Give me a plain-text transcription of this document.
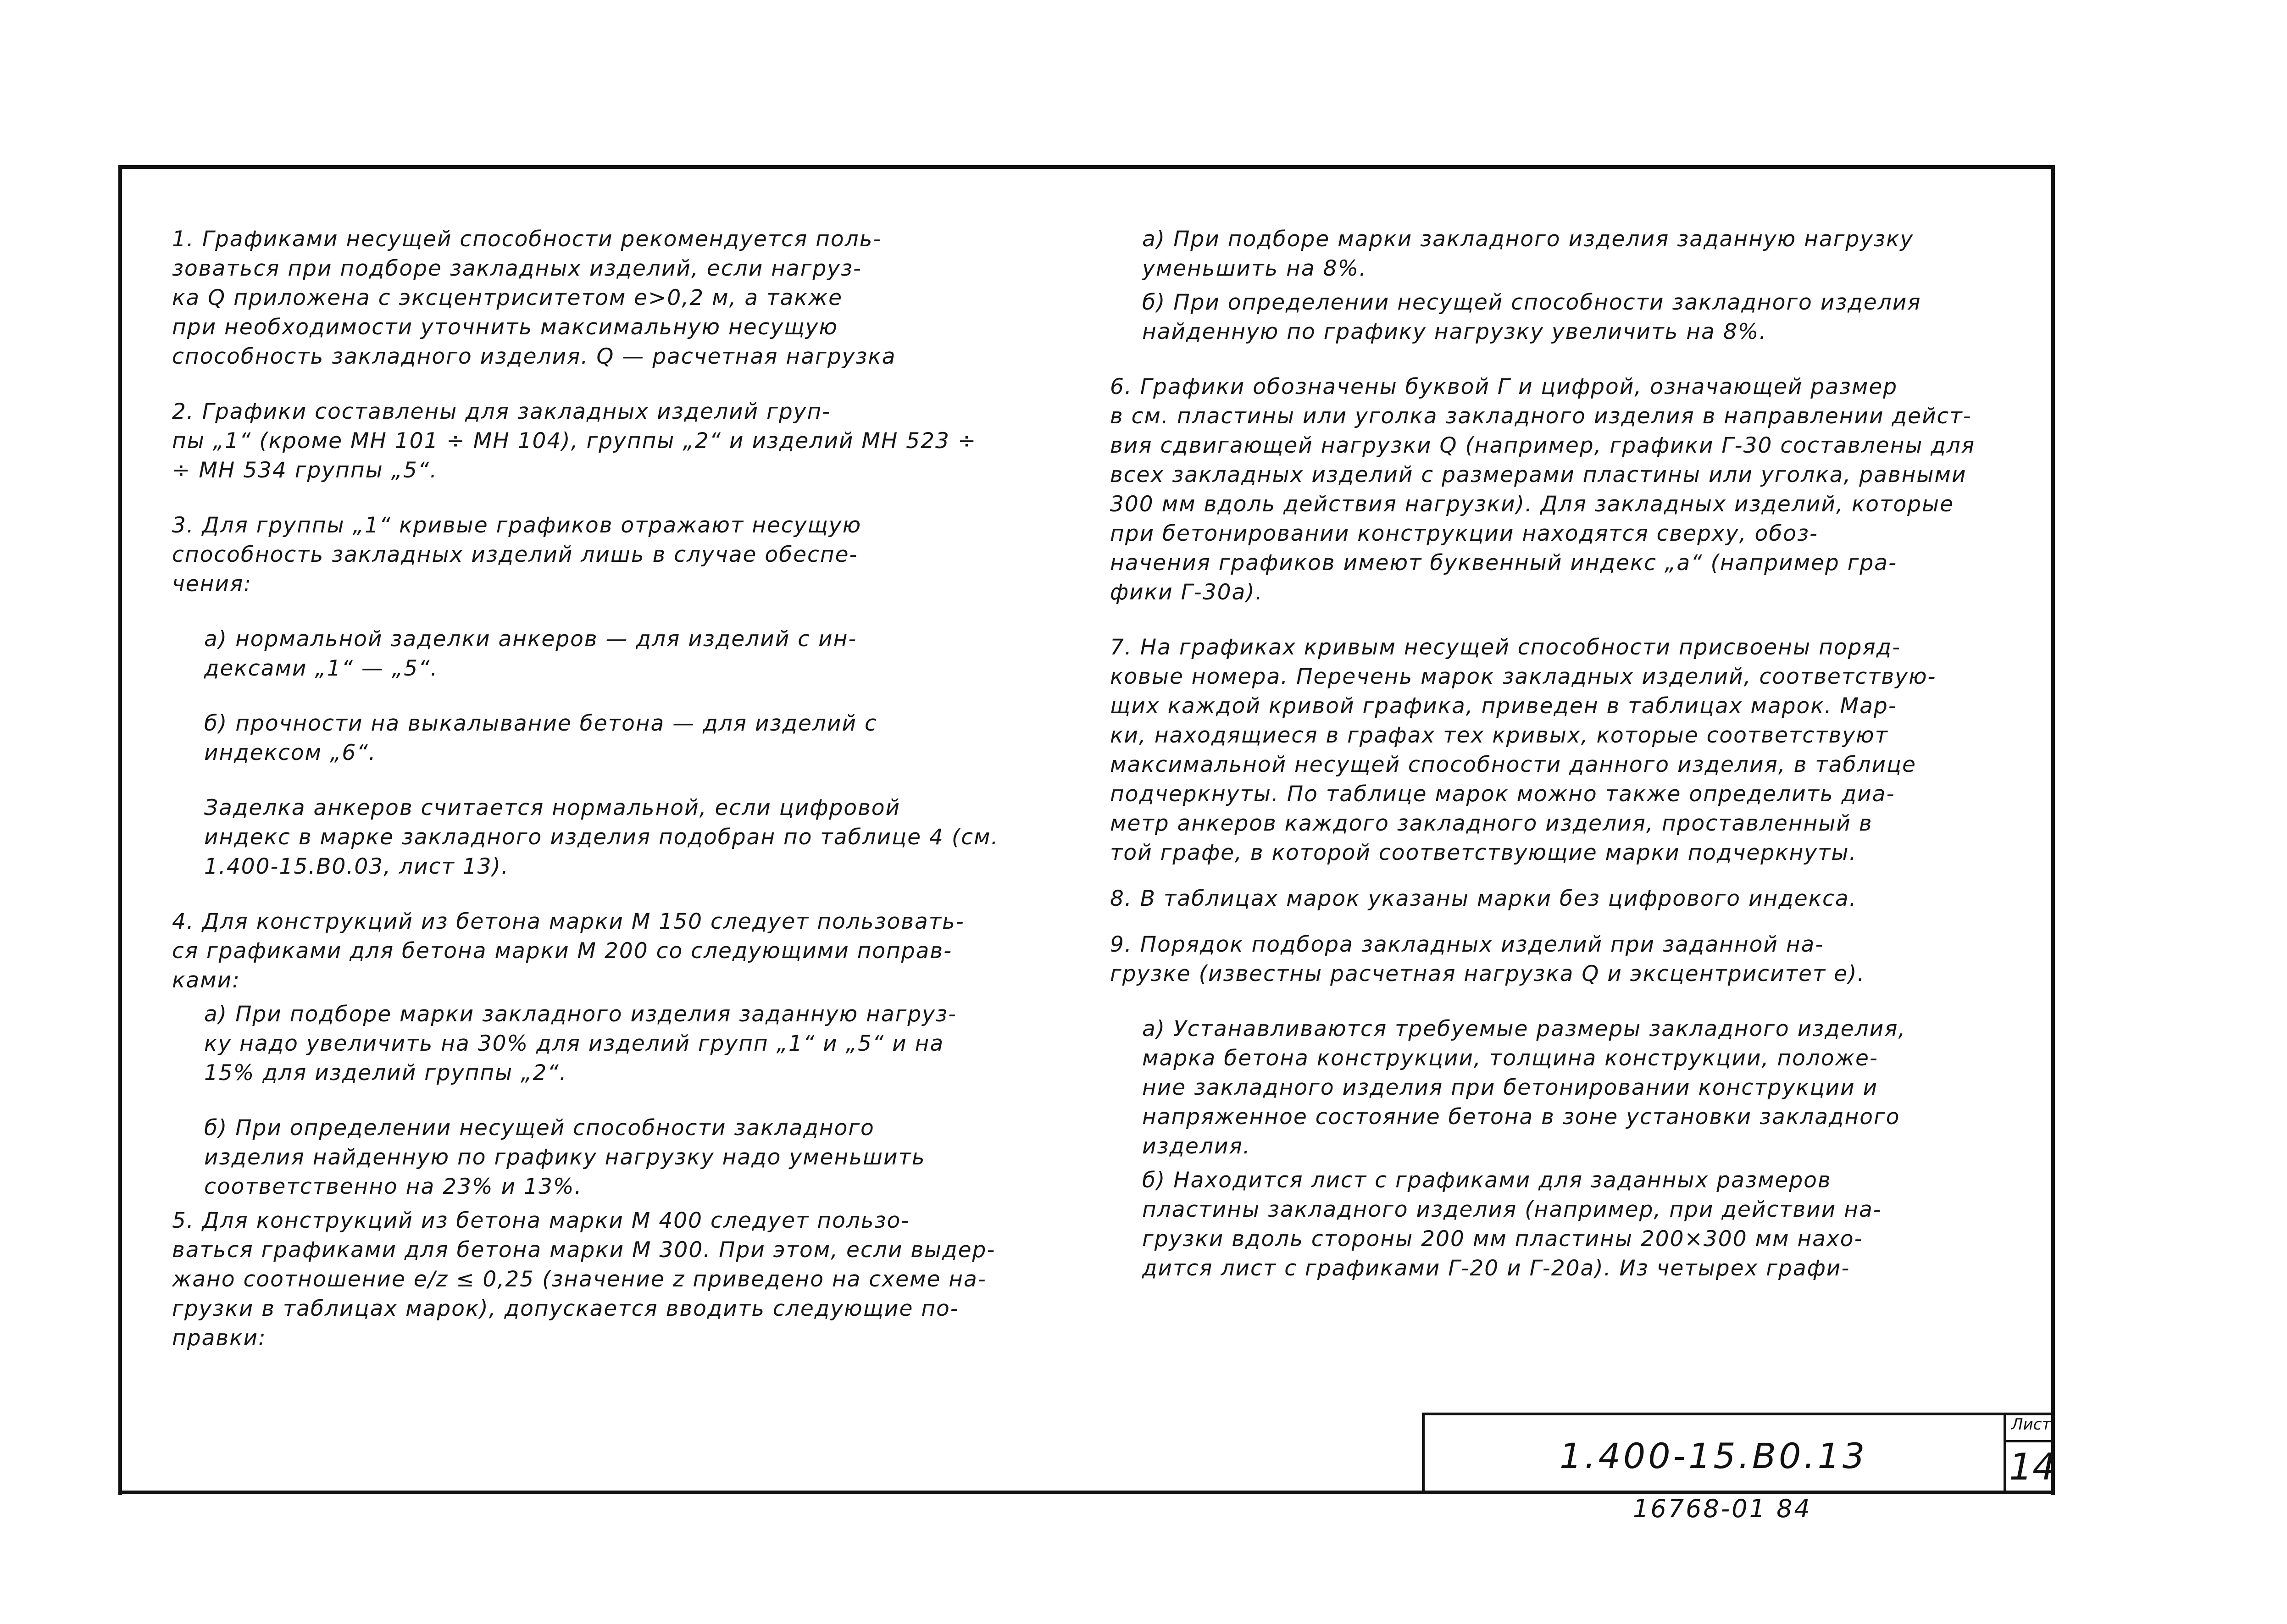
1. Графиками несущей способности рекомендуется поль-
зоваться при подборе закладных изделий, если нагруз-
ка Q приложена с эксцентриситетом e>0,2 м, а также
при необходимости уточнить максимальную несущую
способность закладного изделия. Q — расчетная нагрузка

2. Графики составлены для закладных изделий груп-
пы „1“ (кроме МН 101 ÷ МН 104), группы „2“ и изделий МН 523 ÷
÷ МН 534 группы „5“.

3. Для группы „1“ кривые графиков отражают несущую
способность закладных изделий лишь в случае обеспе-
чения:

а) нормальной заделки анкеров — для изделий с ин-
дексами „1“ — „5“.

б) прочности на выкалывание бетона — для изделий с
индексом „6“.

Заделка анкеров считается нормальной, если цифровой
индекс в марке закладного изделия подобран по таблице 4 (см.
1.400-15.В0.03, лист 13).

4. Для конструкций из бетона марки М 150 следует пользовать-
ся графиками для бетона марки М 200 со следующими поправ-
ками:

а) При подборе марки закладного изделия заданную нагруз-
ку надо увеличить на 30% для изделий групп „1“ и „5“ и на
15% для изделий группы „2“.

б) При определении несущей способности закладного
изделия найденную по графику нагрузку надо уменьшить
соответственно на 23% и 13%.

5. Для конструкций из бетона марки М 400 следует пользо-
ваться графиками для бетона марки М 300. При этом, если выдер-
жано соотношение e/z ≤ 0,25 (значение z приведено на схеме на-
грузки в таблицах марок), допускается вводить следующие по-
правки:

а) При подборе марки закладного изделия заданную нагрузку
уменьшить на 8%.

б) При определении несущей способности закладного изделия
найденную по графику нагрузку увеличить на 8%.

6. Графики обозначены буквой Г и цифрой, означающей размер
в см. пластины или уголка закладного изделия в направлении дейст-
вия сдвигающей нагрузки Q (например, графики Г-30 составлены для
всех закладных изделий с размерами пластины или уголка, равными
300 мм вдоль действия нагрузки). Для закладных изделий, которые
при бетонировании конструкции находятся сверху, обоз-
начения графиков имеют буквенный индекс „а“ (например гра-
фики Г-30а).

7. На графиках кривым несущей способности присвоены поряд-
ковые номера. Перечень марок закладных изделий, соответствую-
щих каждой кривой графика, приведен в таблицах марок. Мар-
ки, находящиеся в графах тех кривых, которые соответствуют
максимальной несущей способности данного изделия, в таблице
подчеркнуты. По таблице марок можно также определить диа-
метр анкеров каждого закладного изделия, проставленный в
той графе, в которой соответствующие марки подчеркнуты.

8. В таблицах марок указаны марки без цифрового индекса.

9. Порядок подбора закладных изделий при заданной на-
грузке (известны расчетная нагрузка Q и эксцентриситет e).

а) Устанавливаются требуемые размеры закладного изделия,
марка бетона конструкции, толщина конструкции, положе-
ние закладного изделия при бетонировании конструкции и
напряженное состояние бетона в зоне установки закладного
изделия.

б) Находится лист с графиками для заданных размеров
пластины закладного изделия (например, при действии на-
грузки вдоль стороны 200 мм пластины 200×300 мм нахо-
дится лист с графиками Г-20 и Г-20а). Из четырех графи-

1.400-15.В0.13
Лист
14
16768-01 84
